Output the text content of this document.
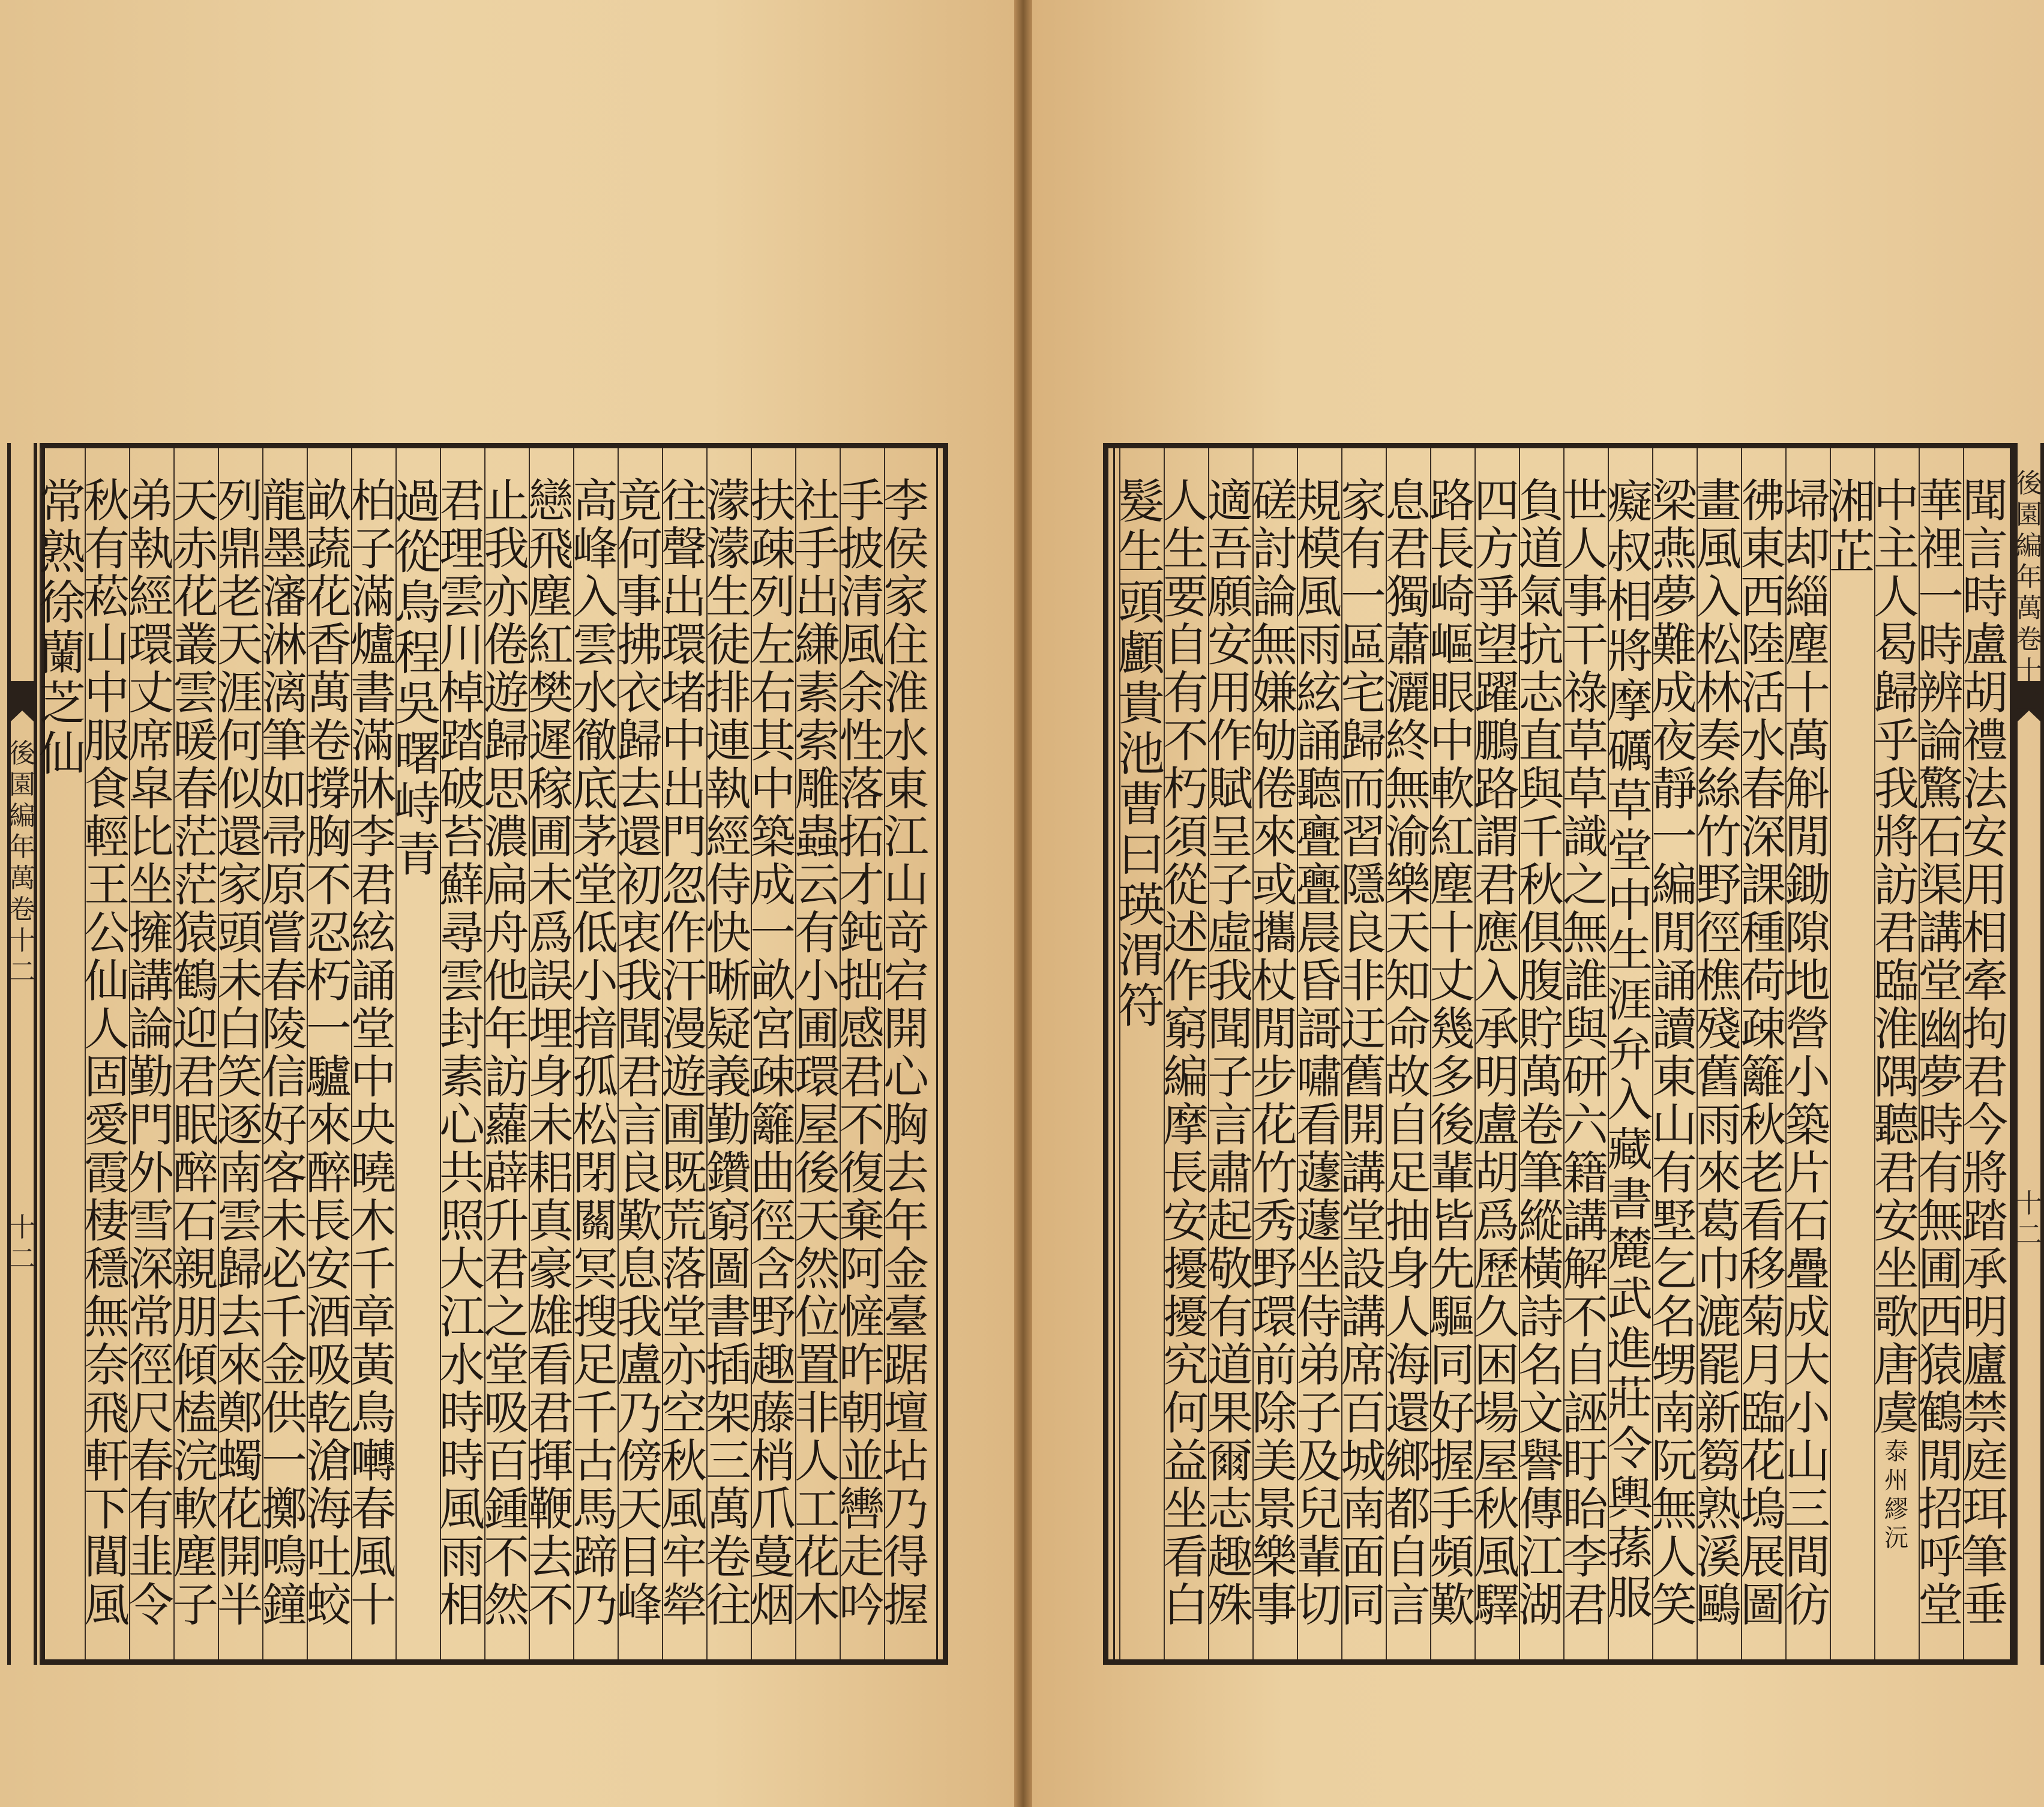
後
園
編
年
萬
卷
十
二
十
二
李
侯
家
住
淮
水
東
江
山
竒
宕
開
心
胸
去
年
金
臺
踞
壇
坫
乃
得
握
手
披
清
風
余
性
落
拓
才
鈍
拙
感
君
不
復
棄
阿
㦃
昨
朝
並
轡
走
吟
社
手
出
縑
素
索
雕
蟲
云
有
小
圃
環
屋
後
天
然
位
置
非
人
工
花
木
扶
疎
列
左
右
其
中
築
成
一
畝
宮
疎
籬
曲
徑
含
野
趣
藤
梢
爪
蔓
烟
濛
濛
生
徒
排
連
執
經
侍
快
晰
疑
義
勤
鑽
窮
圖
書
插
架
三
萬
卷
往
往
聲
出
環
堵
中
出
門
忽
作
汗
漫
遊
圃
既
荒
落
堂
亦
空
秋
風
牢
犖
竟
何
事
拂
衣
歸
去
還
初
衷
我
聞
君
言
良
歎
息
我
盧
乃
傍
天
目
峰
高
峰
入
雲
水
徹
底
茅
堂
低
小
揞
孤
松
閉
關
冥
搜
足
千
古
馬
蹄
乃
戀
飛
塵
紅
樊
遲
稼
圃
未
爲
誤
埋
身
未
耜
真
豪
雄
看
君
揮
鞭
去
不
止
我
亦
倦
遊
歸
思
濃
扁
舟
他
年
訪
蘿
薜
升
君
之
堂
吸
百
鍾
不
然
君
理
雲
川
棹
踏
破
苔
蘚
尋
雲
封
素
心
共
照
大
江
水
時
時
風
雨
相
過
從
鳥
程
吳
曙
峙
青
柏
子
滿
爐
書
滿
牀
李
君
絃
誦
堂
中
央
曉
木
千
章
黃
鳥
囀
春
風
十
畝
蔬
花
香
萬
卷
撐
胸
不
忍
朽
一
驢
來
醉
長
安
酒
吸
乾
滄
海
吐
蛟
龍
墨
瀋
淋
漓
筆
如
帚
原
嘗
春
陵
信
好
客
未
必
千
金
供
一
擲
鳴
鐘
列
鼎
老
天
涯
何
似
還
家
頭
未
白
笑
逐
南
雲
歸
去
來
鄭
蠋
花
開
半
天
赤
花
叢
雲
暖
春
茫
茫
猿
鶴
迎
君
眠
醉
石
親
朋
傾
榼
浣
軟
塵
子
弟
執
經
環
丈
席
皐
比
坐
擁
講
論
勤
門
外
雪
深
常
徑
尺
春
有
韭
令
秋
有
菘
山
中
服
食
輕
王
公
仙
人
固
愛
霞
棲
穩
無
奈
飛
軒
下
閶
風
常
熟
徐
蘭
芝
仙
聞
言
時
盧
胡
禮
法
安
用
相
牽
拘
君
今
將
踏
承
明
廬
禁
庭
珥
筆
垂
華
𥚃
一
時
辨
論
驚
石
渠
講
堂
幽
夢
時
有
無
圃
西
猿
鶴
閒
招
呼
堂
中
主
人
曷
歸
乎
我
將
訪
君
臨
淮
隅
聽
君
安
坐
歌
唐
虞
泰
州
繆
沅
湘
芷
埽
却
緇
塵
十
萬
斛
閒
鋤
隙
地
營
小
築
片
石
疊
成
大
小
山
三
間
彷
彿
東
西
陸
活
水
春
深
課
種
荷
疎
籬
秋
老
看
移
菊
月
臨
花
塢
展
圖
畫
風
入
松
林
奏
絲
竹
野
徑
樵
殘
舊
雨
來
葛
巾
漉
罷
新
篘
熟
溪
鷗
梁
燕
夢
難
成
夜
靜
一
編
閒
誦
讀
東
山
有
墅
乞
名
甥
南
阮
無
人
笑
癡
叔
相
將
摩
礪
草
堂
中
生
涯
弁
入
藏
書
麓
武
進
莊
令
輿
蓀
服
世
人
事
干
祿
草
草
識
之
無
誰
與
研
六
籍
講
解
不
自
誣
盱
眙
李
君
負
道
氣
抗
志
直
與
千
秋
俱
腹
貯
萬
卷
筆
縱
橫
詩
名
文
譽
傳
江
湖
四
方
爭
望
躍
鵬
路
謂
君
應
入
承
明
盧
胡
爲
歷
久
困
場
屋
秋
風
驛
路
長
崎
嶇
眼
中
軟
紅
塵
十
丈
幾
多
後
輩
皆
先
驅
同
好
握
手
頻
歎
息
君
獨
蕭
灑
終
無
渝
樂
天
知
命
故
自
足
抽
身
人
海
還
鄉
都
自
言
家
有
一
區
宅
歸
而
習
隱
良
非
迂
舊
開
講
堂
設
講
席
百
城
南
面
同
規
模
風
雨
絃
誦
聽
亹
亹
晨
昏
謌
嘯
看
蘧
蘧
坐
侍
弟
子
及
兒
輩
切
磋
討
論
無
嫌
劬
倦
來
或
攜
杖
閒
步
花
竹
秀
野
環
前
除
美
景
樂
事
適
吾
願
安
用
作
賦
呈
子
虛
我
聞
子
言
肅
起
敬
有
道
果
爾
志
趣
殊
人
生
要
自
有
不
朽
須
從
述
作
窮
編
摩
長
安
擾
擾
究
何
益
坐
看
白
髮
生
頭
顱
貴
池
曹
曰
瑛
渭
符
後
園
編
年
萬
卷
十
二
十
二
